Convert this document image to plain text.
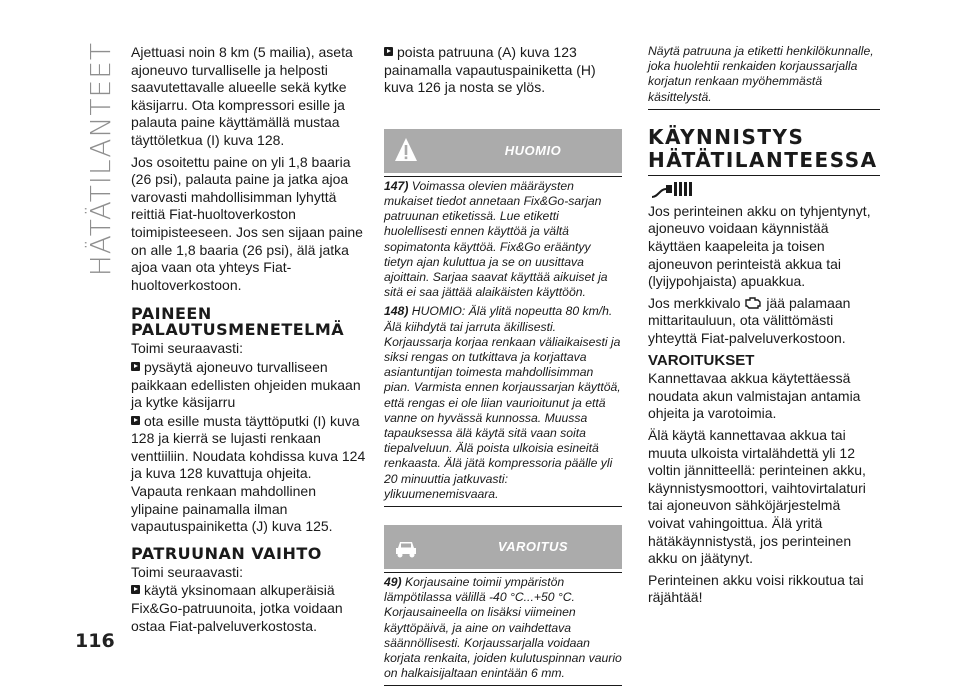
HÄTÄTILANTEET
116

Ajettuasi noin 8 km (5 mailia), aseta ajoneuvo turvalliselle ja helposti saavutettavalle alueelle sekä kytke käsijarru. Ota kompressori esille ja palauta paine käyttämällä mustaa täyttöletkua (I) kuva 128.

Jos osoitettu paine on yli 1,8 baaria (26 psi), palauta paine ja jatka ajoa varovasti mahdollisimman lyhyttä reittiä Fiat-huoltoverkoston toimipisteeseen. Jos sen sijaan paine on alle 1,8 baaria (26 psi), älä jatka ajoa vaan ota yhteys Fiat-huoltoverkostoon.

PAINEEN
PALAUTUSMENETELMÄ

Toimi seuraavasti:

pysäytä ajoneuvo turvalliseen paikkaan edellisten ohjeiden mukaan ja kytke käsijarru

ota esille musta täyttöputki (I) kuva 128 ja kierrä se lujasti renkaan venttiiliin. Noudata kohdissa kuva 124 ja kuva 128 kuvattuja ohjeita. Vapauta renkaan mahdollinen ylipaine painamalla ilman vapautuspainiketta (J) kuva 125.

PATRUUNAN VAIHTO

Toimi seuraavasti:

käytä yksinomaan alkuperäisiä Fix&Go-patruunoita, jotka voidaan ostaa Fiat-palveluverkostosta.

poista patruuna (A) kuva 123 painamalla vapautuspainiketta (H) kuva 126 ja nosta se ylös.

HUOMIO

147) Voimassa olevien määräysten mukaiset tiedot annetaan Fix&Go-sarjan patruunan etiketissä. Lue etiketti huolellisesti ennen käyttöä ja vältä sopimatonta käyttöä. Fix&Go erääntyy tietyn ajan kuluttua ja se on uusittava ajoittain. Sarjaa saavat käyttää aikuiset ja sitä ei saa jättää alaikäisten käyttöön.

148) HUOMIO: Älä ylitä nopeutta 80 km/h. Älä kiihdytä tai jarruta äkillisesti. Korjaussarja korjaa renkaan väliaikaisesti ja siksi rengas on tutkittava ja korjattava asiantuntijan toimesta mahdollisimman pian. Varmista ennen korjaussarjan käyttöä, että rengas ei ole liian vaurioitunut ja että vanne on hyvässä kunnossa. Muussa tapauksessa älä käytä sitä vaan soita tiepalveluun. Älä poista ulkoisia esineitä renkaasta. Älä jätä kompressoria päälle yli 20 minuuttia jatkuvasti: ylikuumenemisvaara.

VAROITUS

49) Korjausaine toimii ympäristön lämpötilassa välillä -40 °C...+50 °C. Korjausaineella on lisäksi viimeinen käyttöpäivä, ja aine on vaihdettava säännöllisesti. Korjaussarjalla voidaan korjata renkaita, joiden kulutuspinnan vaurio on halkaisijaltaan enintään 6 mm.

Näytä patruuna ja etiketti henkilökunnalle, joka huolehtii renkaiden korjaussarjalla korjatun renkaan myöhemmästä käsittelystä.

KÄYNNISTYS
HÄTÄTILANTEESSA

Jos perinteinen akku on tyhjentynyt, ajoneuvo voidaan käynnistää käyttäen kaapeleita ja toisen ajoneuvon perinteistä akkua tai (lyijypohjaista) apuakkua.

Jos merkkivalo jää palamaan mittaritauluun, ota välittömästi yhteyttä Fiat-palveluverkostoon.

VAROITUKSET

Kannettavaa akkua käytettäessä noudata akun valmistajan antamia ohjeita ja varotoimia.

Älä käytä kannettavaa akkua tai muuta ulkoista virtalähdettä yli 12 voltin jännitteellä: perinteinen akku, käynnistysmoottori, vaihtovirtalaturi tai ajoneuvon sähköjärjestelmä voivat vahingoittua. Älä yritä hätäkäynnistystä, jos perinteinen akku on jäätynyt.

Perinteinen akku voisi rikkoutua tai räjähtää!
